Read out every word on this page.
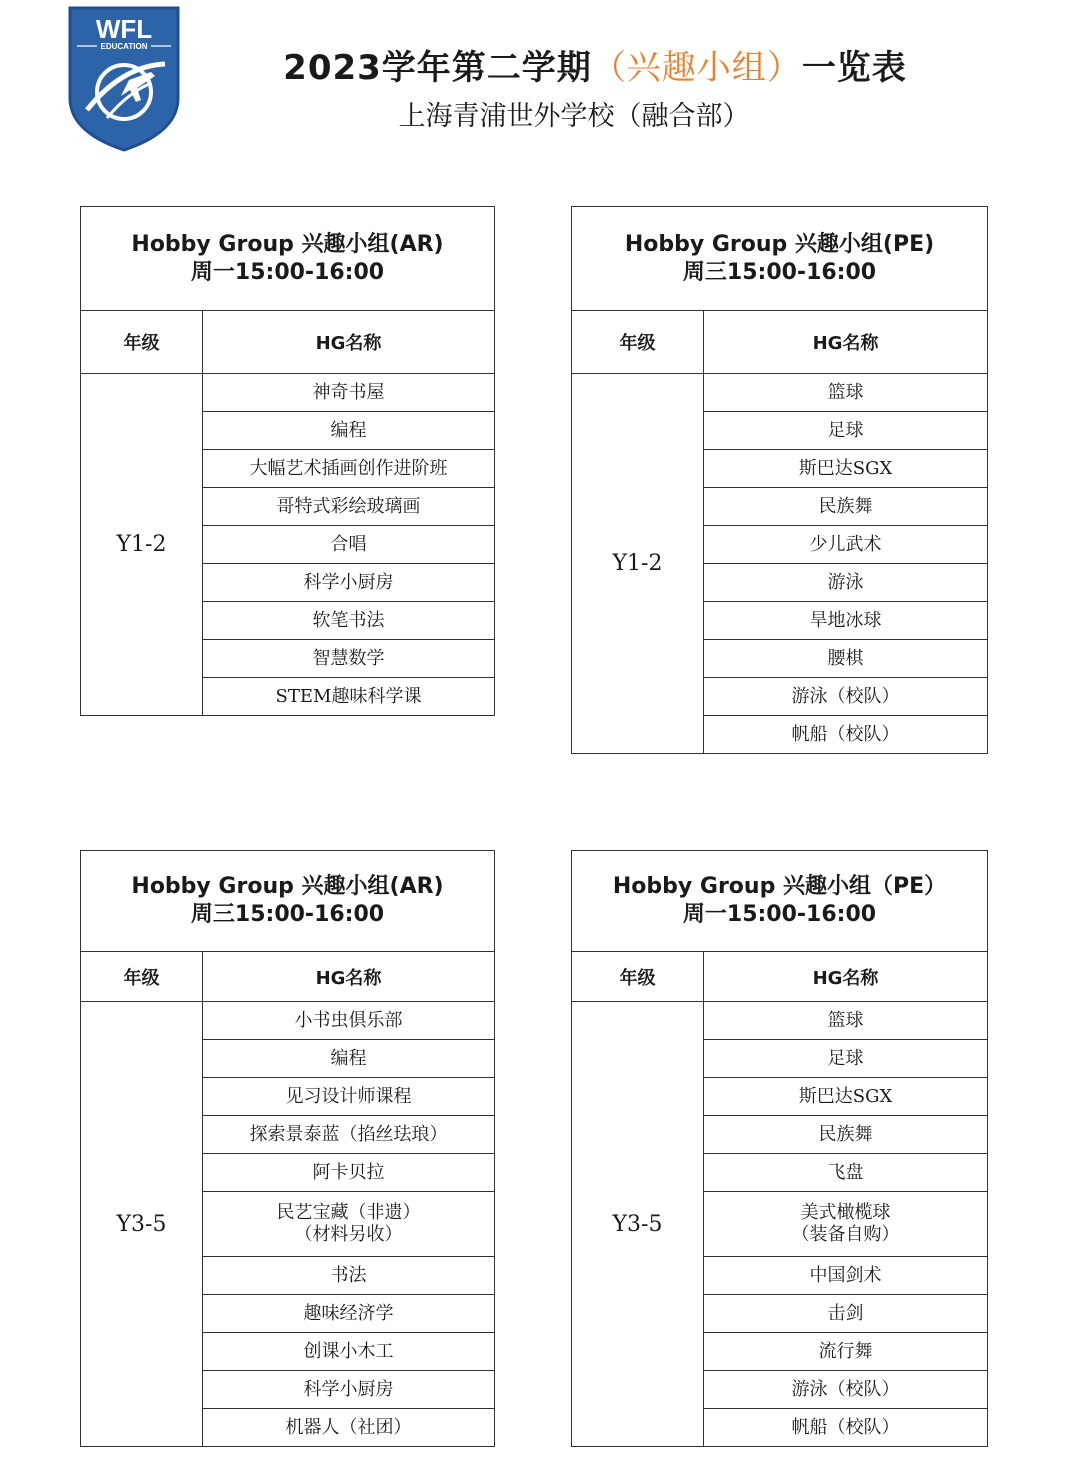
WFL
EDUCATION
2023学年第二学期（兴趣小组）一览表
上海青浦世外学校（融合部）
Hobby Group 兴趣小组(AR)
周一15:00-16:00	

年级	HG名称
Y1-2	神奇书屋
	编程
	大幅艺术插画创作进阶班
	哥特式彩绘玻璃画
	合唱
	科学小厨房
	软笔书法
	智慧数学
	STEM趣味科学课
Hobby Group 兴趣小组(PE)
周三15:00-16:00	

年级	HG名称
Y1-2	篮球
	足球
	斯巴达SGX
	民族舞
	少儿武术
	游泳
	旱地冰球
	腰棋
	游泳（校队）
	帆船（校队）
Hobby Group 兴趣小组(AR)
周三15:00-16:00	

年级	HG名称
Y3-5	小书虫俱乐部
	编程
	见习设计师课程
	探索景泰蓝（掐丝珐琅）
	阿卡贝拉

	民艺宝藏（非遗）
（材料另收）

	书法
	趣味经济学
	创课小木工
	科学小厨房
	机器人（社团）
Hobby Group 兴趣小组（PE）
周一15:00-16:00	

年级	HG名称
Y3-5	篮球
	足球
	斯巴达SGX
	民族舞
	飞盘

	美式橄榄球
（装备自购）

	中国剑术
	击剑
	流行舞
	游泳（校队）
	帆船（校队）
